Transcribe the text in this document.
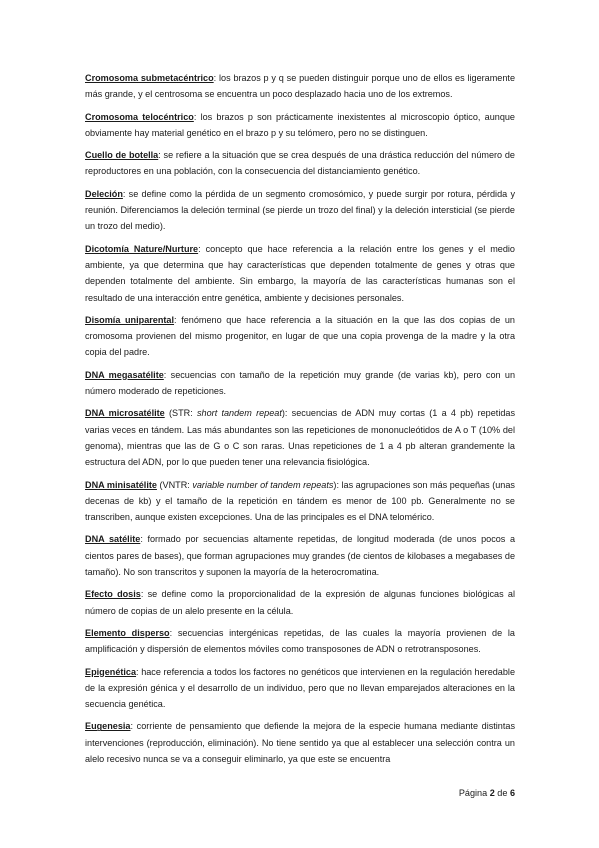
Cromosoma submetacéntrico: los brazos p y q se pueden distinguir porque uno de ellos es ligeramente más grande, y el centrosoma se encuentra un poco desplazado hacia uno de los extremos.

Cromosoma telocéntrico: los brazos p son prácticamente inexistentes al microscopio óptico, aunque obviamente hay material genético en el brazo p y su telómero, pero no se distinguen.

Cuello de botella: se refiere a la situación que se crea después de una drástica reducción del número de reproductores en una población, con la consecuencia del distanciamiento genético.

Deleción: se define como la pérdida de un segmento cromosómico, y puede surgir por rotura, pérdida y reunión. Diferenciamos la deleción terminal (se pierde un trozo del final) y la deleción intersticial (se pierde un trozo del medio).

Dicotomía Nature/Nurture: concepto que hace referencia a la relación entre los genes y el medio ambiente, ya que determina que hay características que dependen totalmente de genes y otras que dependen totalmente del ambiente. Sin embargo, la mayoría de las características humanas son el resultado de una interacción entre genética, ambiente y decisiones personales.

Disomía uniparental: fenómeno que hace referencia a la situación en la que las dos copias de un cromosoma provienen del mismo progenitor, en lugar de que una copia provenga de la madre y la otra copia del padre.

DNA megasatélite: secuencias con tamaño de la repetición muy grande (de varias kb), pero con un número moderado de repeticiones.

DNA microsatélite (STR: short tandem repeat): secuencias de ADN muy cortas (1 a 4 pb) repetidas varias veces en tándem. Las más abundantes son las repeticiones de mononucleótidos de A o T (10% del genoma), mientras que las de G o C son raras. Unas repeticiones de 1 a 4 pb alteran grandemente la estructura del ADN, por lo que pueden tener una relevancia fisiológica.

DNA minisatélite (VNTR: variable number of tandem repeats): las agrupaciones son más pequeñas (unas decenas de kb) y el tamaño de la repetición en tándem es menor de 100 pb. Generalmente no se transcriben, aunque existen excepciones. Una de las principales es el DNA telomérico.

DNA satélite: formado por secuencias altamente repetidas, de longitud moderada (de unos pocos a cientos pares de bases), que forman agrupaciones muy grandes (de cientos de kilobases a megabases de tamaño). No son transcritos y suponen la mayoría de la heterocromatina.

Efecto dosis: se define como la proporcionalidad de la expresión de algunas funciones biológicas al número de copias de un alelo presente en la célula.

Elemento disperso: secuencias intergénicas repetidas, de las cuales la mayoría provienen de la amplificación y dispersión de elementos móviles como transposones de ADN o retrotransposones.

Epigenética: hace referencia a todos los factores no genéticos que intervienen en la regulación heredable de la expresión génica y el desarrollo de un individuo, pero que no llevan emparejados alteraciones en la secuencia genética.

Eugenesia: corriente de pensamiento que defiende la mejora de la especie humana mediante distintas intervenciones (reproducción, eliminación). No tiene sentido ya que al establecer una selección contra un alelo recesivo nunca se va a conseguir eliminarlo, ya que este se encuentra

Página 2 de 6
